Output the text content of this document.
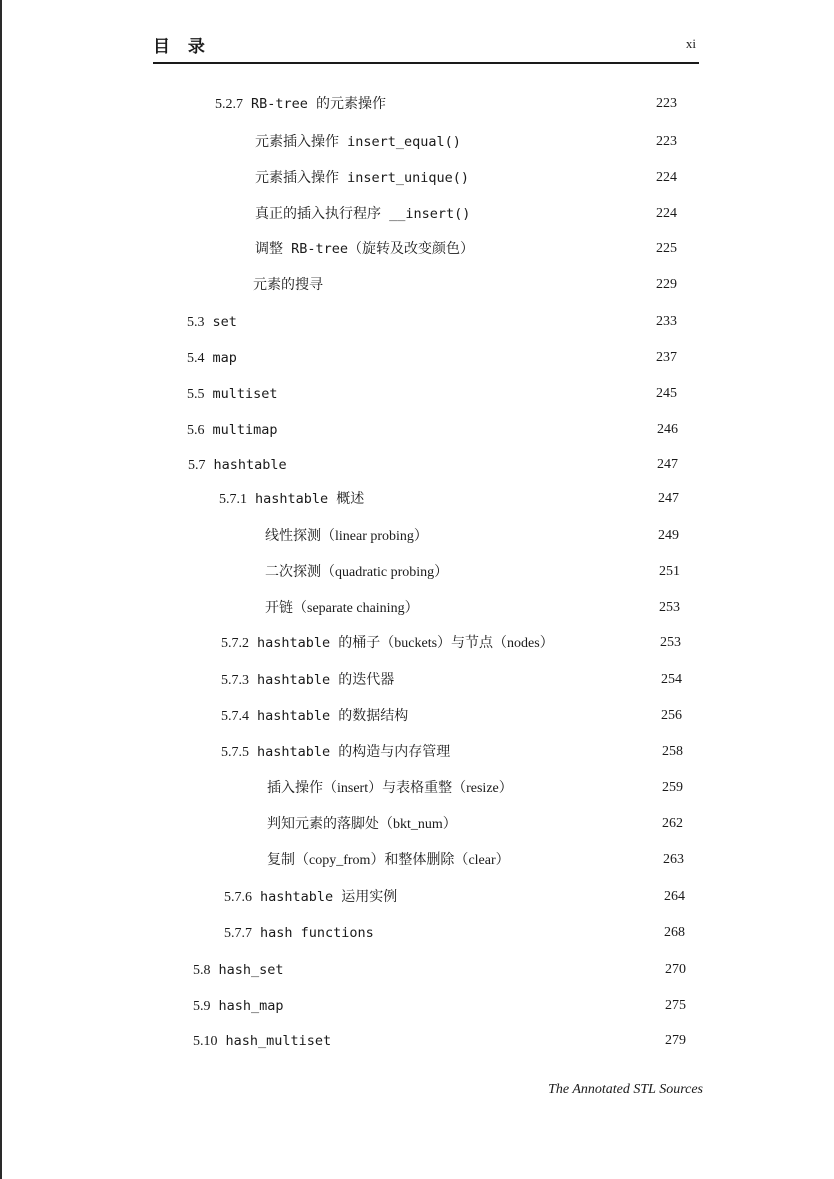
目 录	xi
5.2.7 RB-tree 的元素操作	223
元素插入操作 insert_equal()	223
元素插入操作 insert_unique()	224
真正的插入执行程序 __insert()	224
调整 RB-tree（旋转及改变颜色）	225
元素的搜寻	229
5.3 set	233
5.4 map	237
5.5 multiset	245
5.6 multimap	246
5.7 hashtable	247
5.7.1 hashtable 概述	247
线性探测（linear probing）	249
二次探测（quadratic probing）	251
开链（separate chaining）	253
5.7.2 hashtable 的桶子（buckets）与节点（nodes）	253
5.7.3 hashtable 的迭代器	254
5.7.4 hashtable 的数据结构	256
5.7.5 hashtable 的构造与内存管理	258
插入操作（insert）与表格重整（resize）	259
判知元素的落脚处（bkt_num）	262
复制（copy_from）和整体删除（clear）	263
5.7.6 hashtable 运用实例	264
5.7.7 hash functions	268
5.8 hash_set	270
5.9 hash_map	275
5.10 hash_multiset	279
The Annotated STL Sources
